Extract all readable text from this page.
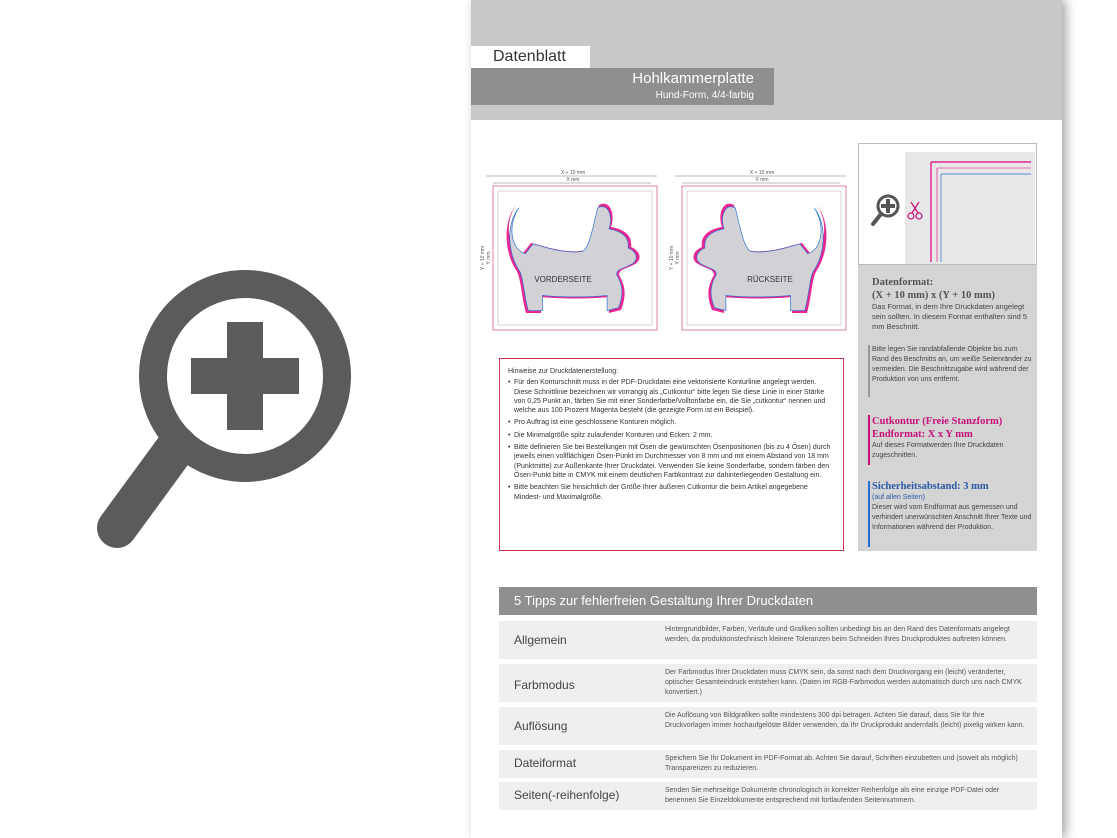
Datenblatt
Hohlkammerplatte
Hund-Form, 4/4-farbig
X + 10 mm
X mm
Y + 10 mm Y mm
VORDERSEITE
X + 10 mm
X mm
Y + 10 mm Y mm
RÜCKSEITE
Hinweise zur Druckdatenerstellung:
• Für den Konturschnitt muss in der PDF-Druckdatei eine vektorisierte Konturlinie angelegt werden. Diese Schnittlinie bezeichnen wir vorrangig als „Cutkontur“ bitte legen Sie diese Linie in einer Stärke von 0,25 Punkt an, färben Sie mit einer Sonderfarbe/Volltonfarbe ein, die Sie „cutkontur“ nennen und welche aus 100 Prozent Magenta besteht (die gezeigte Form ist ein Beispiel).
• Pro Auftrag ist eine geschlossene Konturen möglich.
• Die Minimalgröße spitz zulaufender Konturen und Ecken: 2 mm.
• Bitte definieren Sie bei Bestellungen mit Ösen die gewünschten Ösenpositionen (bis zu 4 Ösen) durch jeweils einen vollflächigen Ösen-Punkt im Durchmesser von 8 mm und mit einem Abstand von 18 mm (Punktmitte) zur Außenkante Ihrer Druckdatei. Verwenden Sie keine Sonderfarbe, sondern färben den Ösen-Punkt bitte in CMYK mit einem deutlichen Farbkontrast zur dahinterliegenden Gestaltung ein.
• Bitte beachten Sie hinsichtlich der Größe Ihrer äußeren Cutkontur die beim Artikel angegebene Mindest- und Maximalgröße.
Datenformat:
(X + 10 mm) x (Y + 10 mm)
Das Format, in dem Ihre Druckdaten angelegt sein sollten. In diesem Format enthalten sind 5 mm Beschnitt.
Bitte legen Sie randabfallende Objekte bis zum Rand des Beschnitts an, um weiße Seitenränder zu vermeiden. Die Beschnittzugabe wird während der Produktion von uns entfernt.
Cutkontur (Freie Stanzform)
Endformat: X x Y mm
Auf dieses Formatwerden Ihre Druckdaten zugeschnitten.
Sicherheitsabstand: 3 mm
(auf allen Seiten)
Dieser wird vom Endformat aus gemessen und verhindert unerwünschten Anschnitt Ihrer Texte und Informationen während der Produktion.
5 Tipps zur fehlerfreien Gestaltung Ihrer Druckdaten
Allgemein
Hintergrundbilder, Farben, Verläufe und Grafiken sollten unbedingt bis an den Rand des Datenformats angelegt werden, da produktionstechnisch kleinere Toleranzen beim Schneiden Ihres Druckproduktes auftreten können.
Farbmodus
Der Farbmodus Ihrer Druckdaten muss CMYK sein, da sonst nach dem Druckvorgang ein (leicht) veränderter, optischer Gesamteindruck entstehen kann. (Daten im RGB-Farbmodus werden automatisch durch uns nach CMYK konvertiert.)
Auflösung
Die Auflösung von Bildgrafiken sollte mindestens 300 dpi betragen. Achten Sie darauf, dass Sie für Ihre Druckvorlagen immer hochaufgelöste Bilder verwenden, da Ihr Druckprodukt andernfalls (leicht) pixelig wirken kann.
Dateiformat	Speichern Sie Ihr Dokument im PDF-Format ab. Achten Sie darauf, Schriften einzubetten und (soweit als möglich) Transparenzen zu reduzieren.
Seiten(-reihenfolge)	Senden Sie mehrseitige Dokumente chronologisch in korrekter Reihenfolge als eine einzige PDF-Datei oder benennen Sie Einzeldokumente entsprechend mit fortlaufenden Seitennummern.
